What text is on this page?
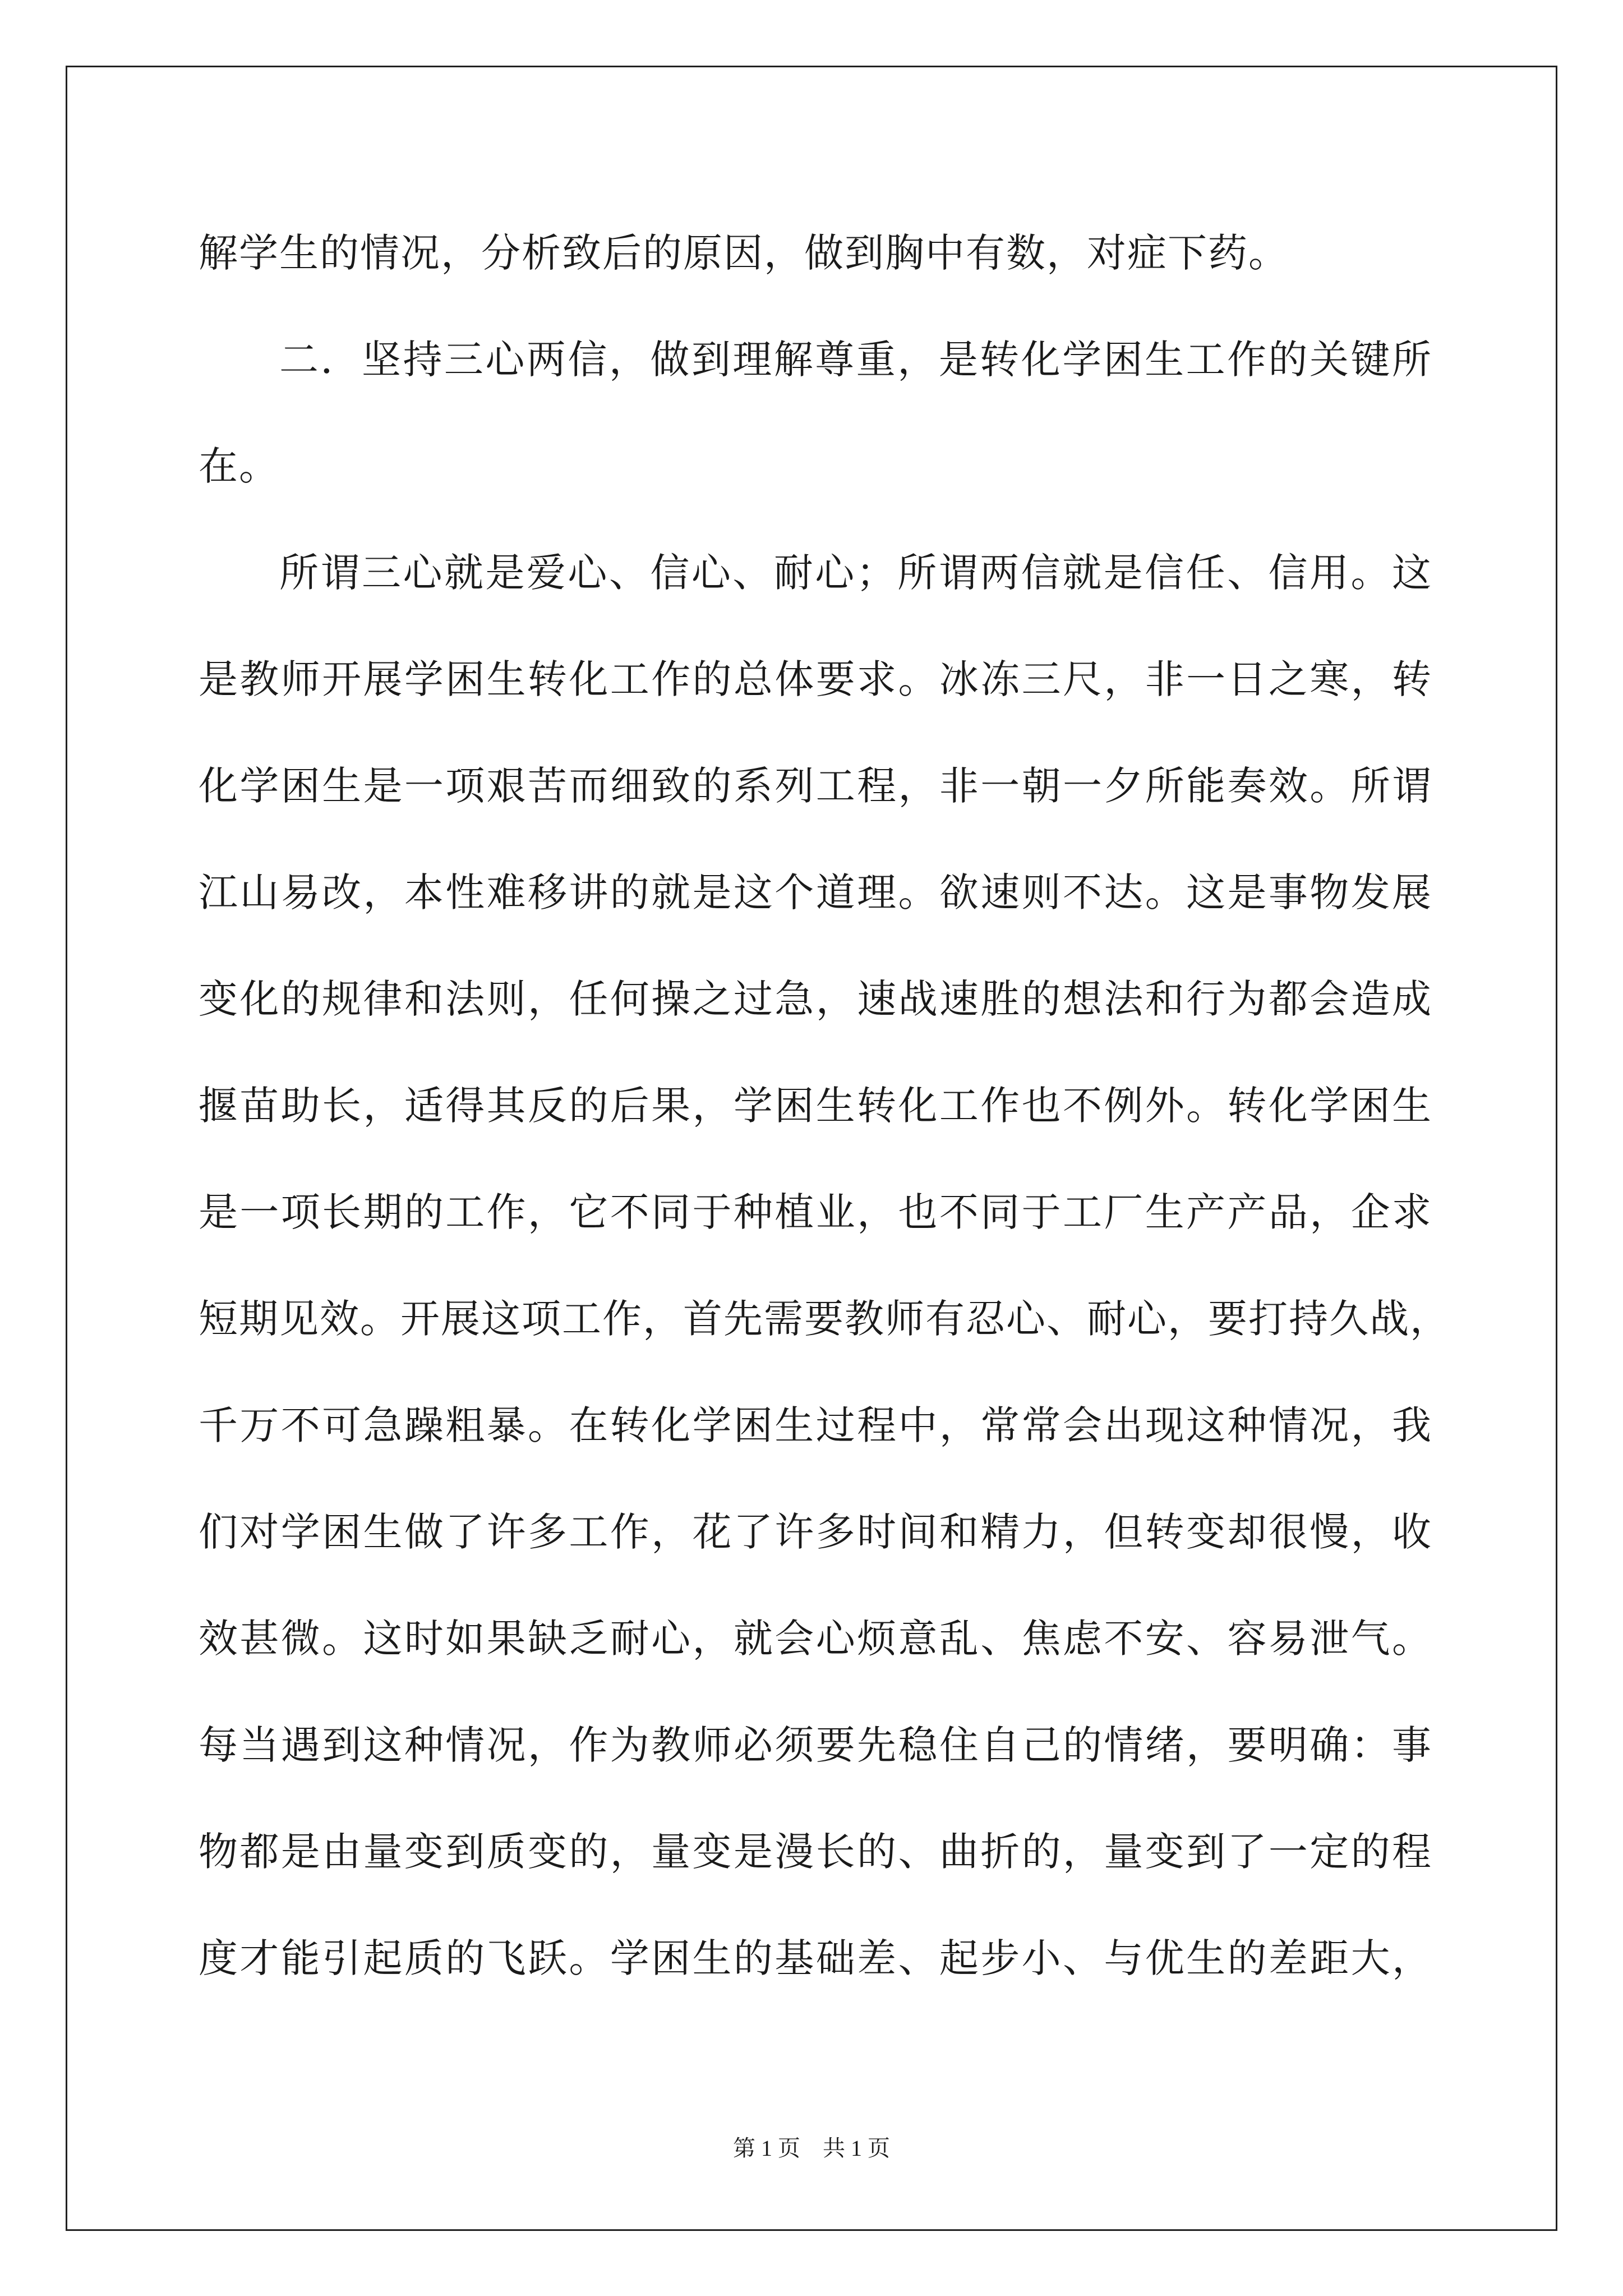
解学生的情况，分析致后的原因，做到胸中有数，对症下药。
二．坚持三心两信，做到理解尊重，是转化学困生工作的关键所
在。
所谓三心就是爱心、信心、耐心；所谓两信就是信任、信用。这
是教师开展学困生转化工作的总体要求。冰冻三尺，非一日之寒，转
化学困生是一项艰苦而细致的系列工程，非一朝一夕所能奏效。所谓
江山易改，本性难移讲的就是这个道理。欲速则不达。这是事物发展
变化的规律和法则，任何操之过急，速战速胜的想法和行为都会造成
揠苗助长，适得其反的后果，学困生转化工作也不例外。转化学困生
是一项长期的工作，它不同于种植业，也不同于工厂生产产品，企求
短期见效。开展这项工作，首先需要教师有忍心、耐心，要打持久战，
千万不可急躁粗暴。在转化学困生过程中，常常会出现这种情况，我
们对学困生做了许多工作，花了许多时间和精力，但转变却很慢，收
效甚微。这时如果缺乏耐心，就会心烦意乱、焦虑不安、容易泄气。
每当遇到这种情况，作为教师必须要先稳住自己的情绪，要明确：事
物都是由量变到质变的，量变是漫长的、曲折的，量变到了一定的程
度才能引起质的飞跃。学困生的基础差、起步小、与优生的差距大，
第 1 页 共 1 页
